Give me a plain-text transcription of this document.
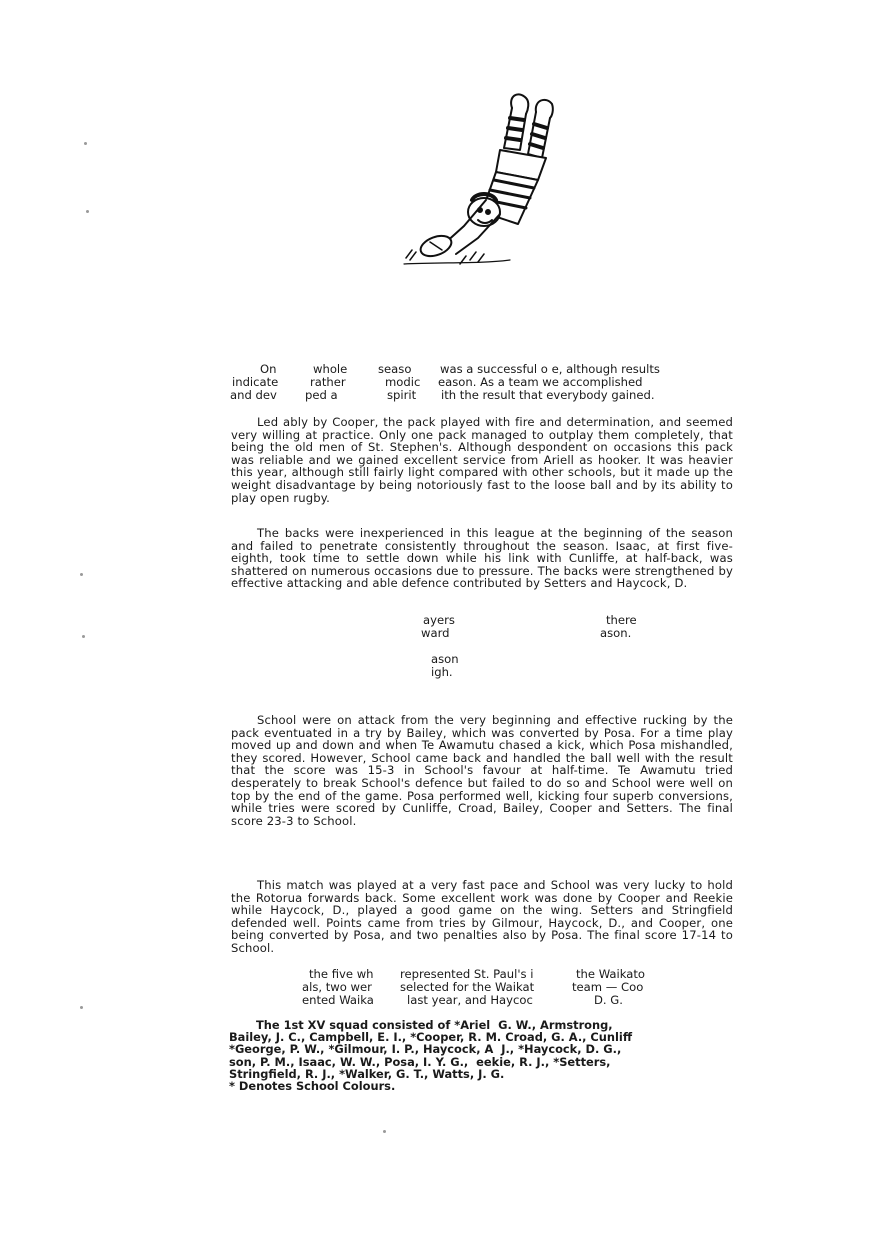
On
indicate
and dev
whole
rather
ped a
seaso
modic
spirit
was a successful o e, although results
eason. As a team we accomplished
ith the result that everybody gained.

Led ably by Cooper, the pack played with fire and determination, and seemed very willing at practice. Only one pack managed to outplay them completely, that being the old men of St. Stephen's. Although despondent on occasions this pack was reliable and we gained excellent service from Ariell as hooker. It was heavier this year, although still fairly light compared with other schools, but it made up the weight disadvantage by being notoriously fast to the loose ball and by its ability to play open rugby.

The backs were inexperienced in this league at the beginning of the season and failed to penetrate consistently throughout the season. Isaac, at first five-eighth, took time to settle down while his link with Cunliffe, at half-back, was shattered on numerous occasions due to pressure. The backs were strengthened by effective attacking and able defence contributed by Setters and Haycock, D.

ayers
ward
there
ason.
ason
igh.

School were on attack from the very beginning and effective rucking by the pack eventuated in a try by Bailey, which was converted by Posa. For a time play moved up and down and when Te Awamutu chased a kick, which Posa mishandled, they scored. However, School came back and handled the ball well with the result that the score was 15-3 in School's favour at half-time. Te Awamutu tried desperately to break School's defence but failed to do so and School were well on top by the end of the game. Posa performed well, kicking four superb conversions, while tries were scored by Cunliffe, Croad, Bailey, Cooper and Setters. The final score 23-3 to School.

This match was played at a very fast pace and School was very lucky to hold the Rotorua forwards back. Some excellent work was done by Cooper and Reekie while Haycock, D., played a good game on the wing. Setters and Stringfield defended well. Points came from tries by Gilmour, Haycock, D., and Cooper, one being converted by Posa, and two penalties also by Posa. The final score 17-14 to School.

the five wh
als, two wer
ented Waika
represented St. Paul's i
selected for the Waikat
last year, and Haycoc
the Waikato
team — Coo
D. G.
The 1st XV squad consisted of *Ariel  G. W., Armstrong,
Bailey, J. C., Campbell, E. I., *Cooper, R. M. Croad, G. A., Cunliff
*George, P. W., *Gilmour, I. P., Haycock, A  J., *Haycock, D. G.,
son, P. M., Isaac, W. W., Posa, I. Y. G.,  eekie, R. J., *Setters,
Stringfield, R. J., *Walker, G. T., Watts, J. G.
* Denotes School Colours.
